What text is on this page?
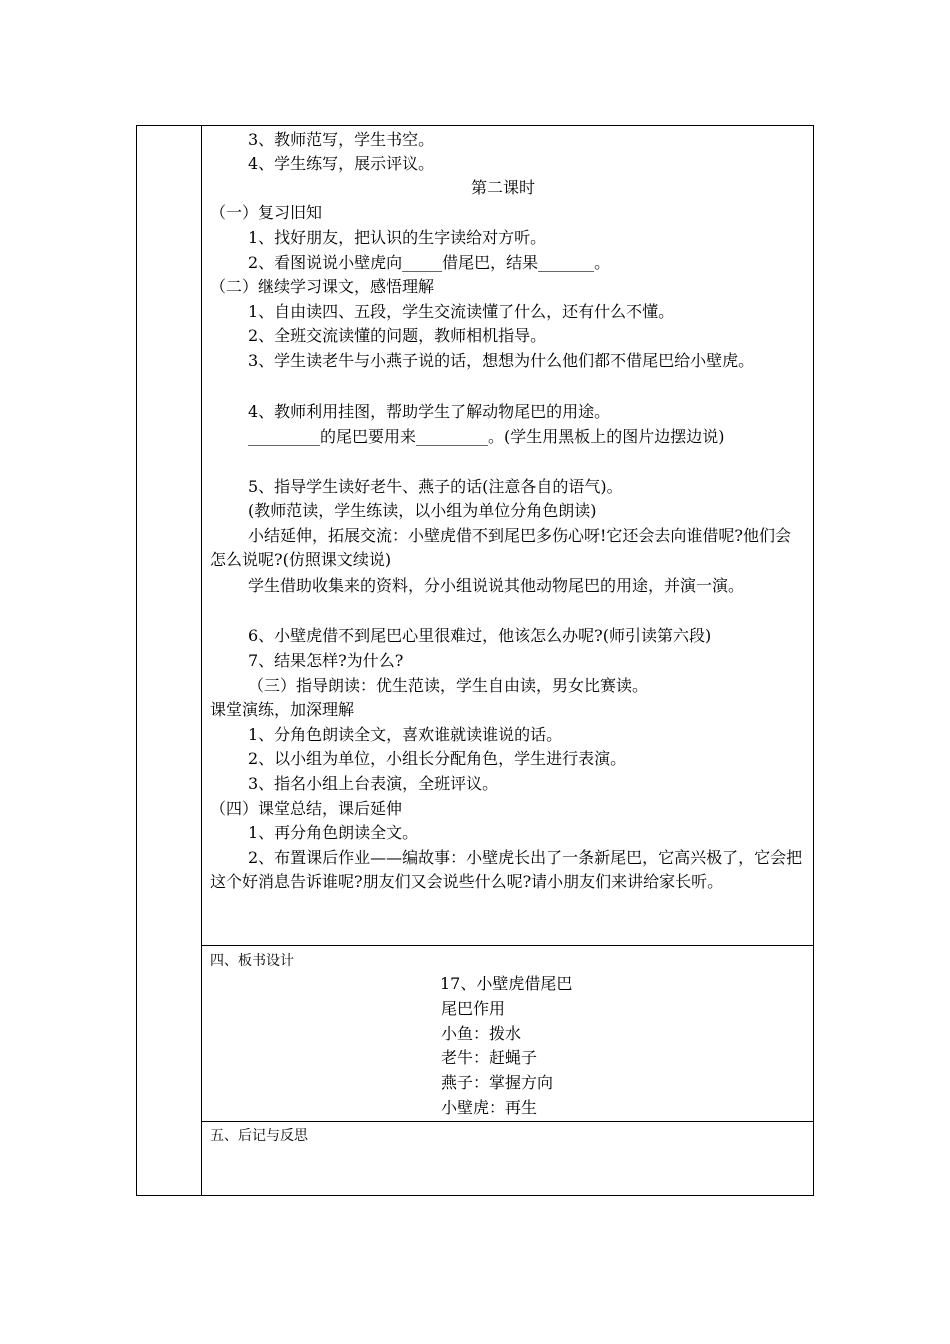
3、教师范写，学生书空。
4、学生练写，展示评议。
第二课时
（一）复习旧知
1、找好朋友，把认识的生字读给对方听。
2、看图说说小壁虎向_____借尾巴，结果_______。
（二）继续学习课文，感悟理解
1、自由读四、五段，学生交流读懂了什么，还有什么不懂。
2、全班交流读懂的问题，教师相机指导。
3、学生读老牛与小燕子说的话，想想为什么他们都不借尾巴给小壁虎。
4、教师利用挂图，帮助学生了解动物尾巴的用途。
_________的尾巴要用来_________。(学生用黑板上的图片边摆边说)
5、指导学生读好老牛、燕子的话(注意各自的语气)。
(教师范读，学生练读，以小组为单位分角色朗读)
小结延伸，拓展交流：小壁虎借不到尾巴多伤心呀!它还会去向谁借呢?他们会怎么说呢?(仿照课文续说)
学生借助收集来的资料，分小组说说其他动物尾巴的用途，并演一演。
6、小壁虎借不到尾巴心里很难过，他该怎么办呢?(师引读第六段)
7、结果怎样?为什么?
（三）指导朗读：优生范读，学生自由读，男女比赛读。
课堂演练，加深理解
1、分角色朗读全文，喜欢谁就读谁说的话。
2、以小组为单位，小组长分配角色，学生进行表演。
3、指名小组上台表演，全班评议。
（四）课堂总结，课后延伸
1、再分角色朗读全文。
2、布置课后作业——编故事：小壁虎长出了一条新尾巴，它高兴极了，它会把这个好消息告诉谁呢?朋友们又会说些什么呢?请小朋友们来讲给家长听。
四、板书设计
17、小壁虎借尾巴
尾巴作用
小鱼：拨水
老牛：赶蝇子
燕子：掌握方向
小壁虎：再生
五、后记与反思
